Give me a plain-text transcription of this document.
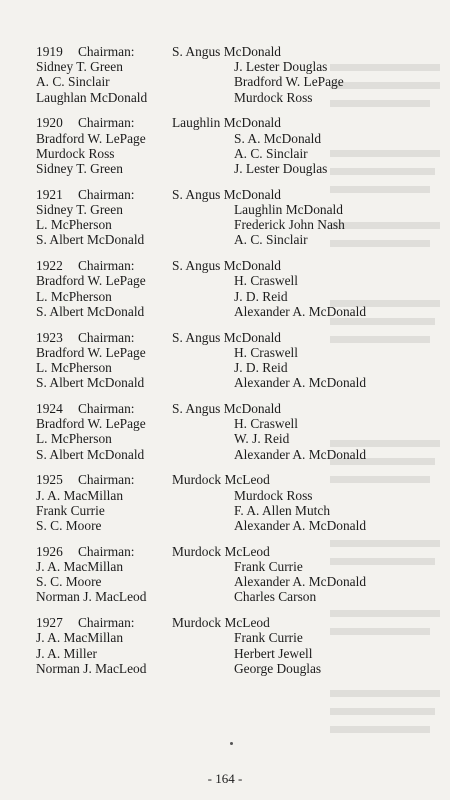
1919	Chairman:	S. Angus McDonald
Sidney T. Green	J. Lester Douglas
A. C. Sinclair	Bradford W. LePage
Laughlan McDonald	Murdock Ross
1920	Chairman:	Laughlin McDonald
Bradford W. LePage	S. A. McDonald
Murdock Ross	A. C. Sinclair
Sidney T. Green	J. Lester Douglas
1921	Chairman:	S. Angus McDonald
Sidney T. Green	Laughlin McDonald
L. McPherson	Frederick John Nash
S. Albert McDonald	A. C. Sinclair
1922	Chairman:	S. Angus McDonald
Bradford W. LePage	H. Craswell
L. McPherson	J. D. Reid
S. Albert McDonald	Alexander A. McDonald
1923	Chairman:	S. Angus McDonald
Bradford W. LePage	H. Craswell
L. McPherson	J. D. Reid
S. Albert McDonald	Alexander A. McDonald
1924	Chairman:	S. Angus McDonald
Bradford W. LePage	H. Craswell
L. McPherson	W. J. Reid
S. Albert McDonald	Alexander A. McDonald
1925	Chairman:	Murdock McLeod
J. A. MacMillan	Murdock Ross
Frank Currie	F. A. Allen Mutch
S. C. Moore	Alexander A. McDonald
1926	Chairman:	Murdock McLeod
J. A. MacMillan	Frank Currie
S. C. Moore	Alexander A. McDonald
Norman J. MacLeod	Charles Carson
1927	Chairman:	Murdock McLeod
J. A. MacMillan	Frank Currie
J. A. Miller	Herbert Jewell
Norman J. MacLeod	George Douglas
- 164 -
